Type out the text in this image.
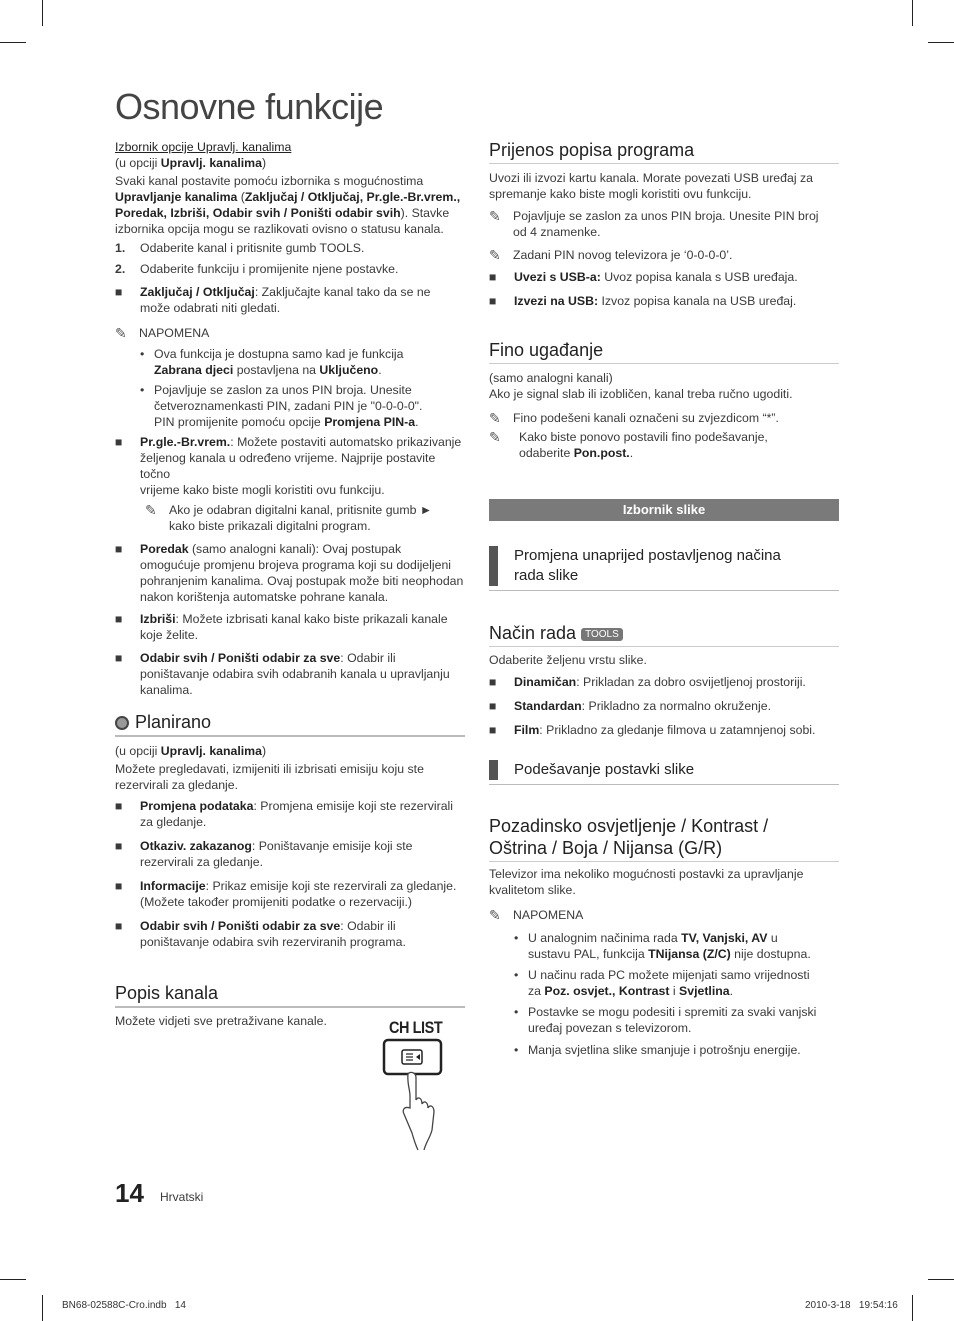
Osnovne funkcije

Izbornik opcije Upravlj. kanalima

(u opciji Upravlj. kanalima)

Svaki kanal postavite pomoću izbornika s mogućnostima
Upravljanje kanalima (Zaključaj / Otključaj, Pr.gle.-Br.vrem.,
Poredak, Izbriši, Odabir svih / Poništi odabir svih). Stavke
izbornika opcija mogu se razlikovati ovisno o statusu kanala.

1. Odaberite kanal i pritisnite gumb TOOLS.
2. Odaberite funkciju i promijenite njene postavke.
■ Zaključaj / Otključaj: Zaključajte kanal tako da se ne
može odabrati niti gledati.
✎ NAPOMENA
• Ova funkcija je dostupna samo kad je funkcija
Zabrana djeci postavljena na Uključeno.
• Pojavljuje se zaslon za unos PIN broja. Unesite
četveroznamenkasti PIN, zadani PIN je "0-0-0-0".
PIN promijenite pomoću opcije Promjena PIN-a.
■ Pr.gle.-Br.vrem.: Možete postaviti automatsko prikazivanje
željenog kanala u određeno vrijeme. Najprije postavite točno
vrijeme kako biste mogli koristiti ovu funkciju.
✎ Ako je odabran digitalni kanal, pritisnite gumb ►
kako biste prikazali digitalni program.
■ Poredak (samo analogni kanali): Ovaj postupak
omogućuje promjenu brojeva programa koji su dodijeljeni
pohranjenim kanalima. Ovaj postupak može biti neophodan
nakon korištenja automatske pohrane kanala.
■ Izbriši: Možete izbrisati kanal kako biste prikazali kanale
koje želite.
■ Odabir svih / Poništi odabir za sve: Odabir ili
poništavanje odabira svih odabranih kanala u upravljanju
kanalima.
Planirano

(u opciji Upravlj. kanalima)

Možete pregledavati, izmijeniti ili izbrisati emisiju koju ste
rezervirali za gledanje.

■ Promjena podataka: Promjena emisije koji ste rezervirali
za gledanje.
■ Otkaziv. zakazanog: Poništavanje emisije koji ste
rezervirali za gledanje.
■ Informacije: Prikaz emisije koji ste rezervirali za gledanje.
(Možete također promijeniti podatke o rezervaciji.)
■ Odabir svih / Poništi odabir za sve: Odabir ili
poništavanje odabira svih rezerviranih programa.
Popis kanala
Možete vidjeti sve pretraživane kanale.	CH LIST
Prijenos popisa programa

Uvozi ili izvozi kartu kanala. Morate povezati USB uređaj za
spremanje kako biste mogli koristiti ovu funkciju.

✎ Pojavljuje se zaslon za unos PIN broja. Unesite PIN broj
od 4 znamenke.
✎ Zadani PIN novog televizora je ‘0-0-0-0’.
■ Uvezi s USB-a: Uvoz popisa kanala s USB uređaja.
■ Izvezi na USB: Izvoz popisa kanala na USB uređaj.
Fino ugađanje

(samo analogni kanali)
Ako je signal slab ili izobličen, kanal treba ručno ugoditi.

✎ Fino podešeni kanali označeni su zvjezdicom “*”.
✎ Kako biste ponovo postavili fino podešavanje,
odaberite Pon.post..
Izbornik slike
Promjena unaprijed postavljenog načina
rada slike
Način rada TOOLS

Odaberite željenu vrstu slike.

■ Dinamičan: Prikladan za dobro osvijetljenoj prostoriji.
■ Standardan: Prikladno za normalno okruženje.
■ Film: Prikladno za gledanje filmova u zatamnjenoj sobi.
Podešavanje postavki slike
Pozadinsko osvjetljenje / Kontrast /
Oštrina / Boja / Nijansa (G/R)

Televizor ima nekoliko mogućnosti postavki za upravljanje
kvalitetom slike.

✎ NAPOMENA
• U analognim načinima rada TV, Vanjski, AV u
sustavu PAL, funkcija TNijansa (Z/C) nije dostupna.
• U načinu rada PC možete mijenjati samo vrijednosti
za Poz. osvjet., Kontrast i Svjetlina.
• Postavke se mogu podesiti i spremiti za svaki vanjski
uređaj povezan s televizorom.
• Manja svjetlina slike smanjuje i potrošnju energije.
14 Hrvatski
BN68-02588C-Cro.indb   14	2010-3-18   19:54:16
